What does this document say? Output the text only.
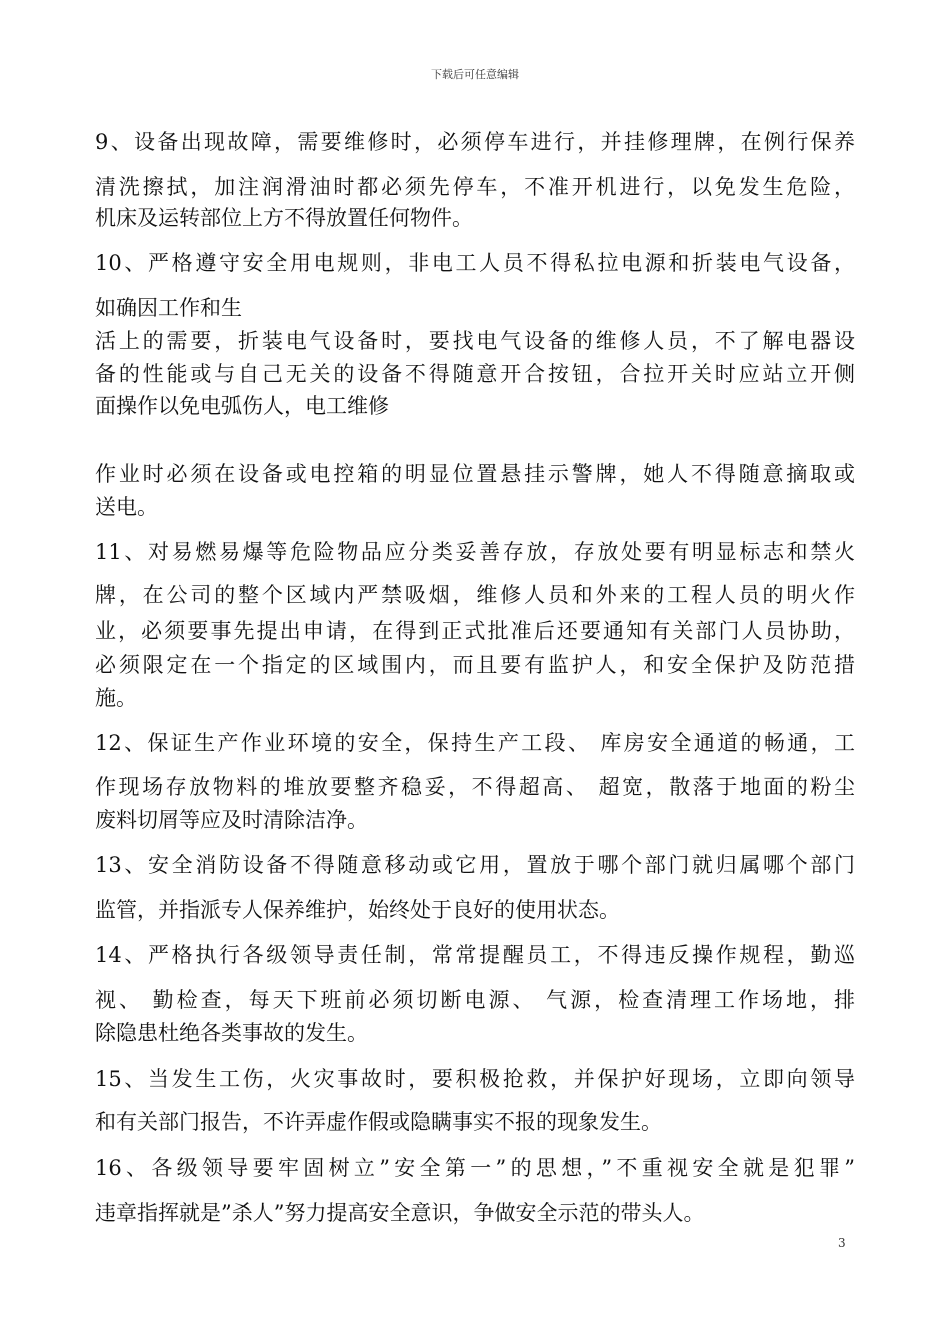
下载后可任意编辑
9、设备出现故障，需要维修时，必须停车进行，并挂修理牌，在例行保养
清洗擦拭，加注润滑油时都必须先停车，不准开机进行，以免发生危险，
机床及运转部位上方不得放置任何物件。
10、严格遵守安全用电规则，非电工人员不得私拉电源和折装电气设备，
如确因工作和生
活上的需要，折装电气设备时，要找电气设备的维修人员，不了解电器设
备的性能或与自己无关的设备不得随意开合按钮，合拉开关时应站立开侧
面操作以免电弧伤人，电工维修
作业时必须在设备或电控箱的明显位置悬挂示警牌，她人不得随意摘取或
送电。
11、对易燃易爆等危险物品应分类妥善存放，存放处要有明显标志和禁火
牌，在公司的整个区域内严禁吸烟，维修人员和外来的工程人员的明火作
业，必须要事先提出申请，在得到正式批准后还要通知有关部门人员协助，
必须限定在一个指定的区域围内，而且要有监护人，和安全保护及防范措
施。
12、保证生产作业环境的安全，保持生产工段、 库房安全通道的畅通，工
作现场存放物料的堆放要整齐稳妥，不得超高、 超宽，散落于地面的粉尘
废料切屑等应及时清除洁净。
13、安全消防设备不得随意移动或它用，置放于哪个部门就归属哪个部门
监管，并指派专人保养维护，始终处于良好的使用状态。
14、严格执行各级领导责任制，常常提醒员工，不得违反操作规程，勤巡
视、 勤检查，每天下班前必须切断电源、 气源，检查清理工作场地，排
除隐患杜绝各类事故的发生。
15、当发生工伤，火灾事故时，要积极抢救，并保护好现场，立即向领导
和有关部门报告，不许弄虚作假或隐瞒事实不报的现象发生。
16、各级领导要牢固树立”安全第一”的思想，”不重视安全就是犯罪”
违章指挥就是”杀人”努力提高安全意识，争做安全示范的带头人。
3
